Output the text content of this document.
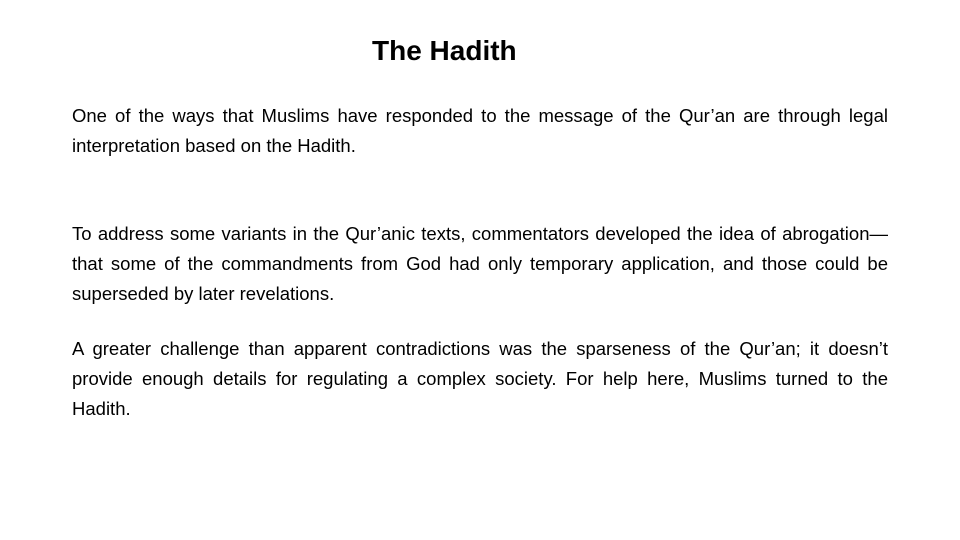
The Hadith
One of the ways that Muslims have responded to the message of the Qur’an are through legal interpretation based on the Hadith.
To address some variants in the Qur’anic texts, commentators developed the idea of abrogation—that some of the commandments from God had only temporary application, and those could be superseded by later revelations.
A greater challenge than apparent contradictions was the sparseness of the Qur’an; it doesn’t provide enough details for regulating a complex society. For help here, Muslims turned to the Hadith.
